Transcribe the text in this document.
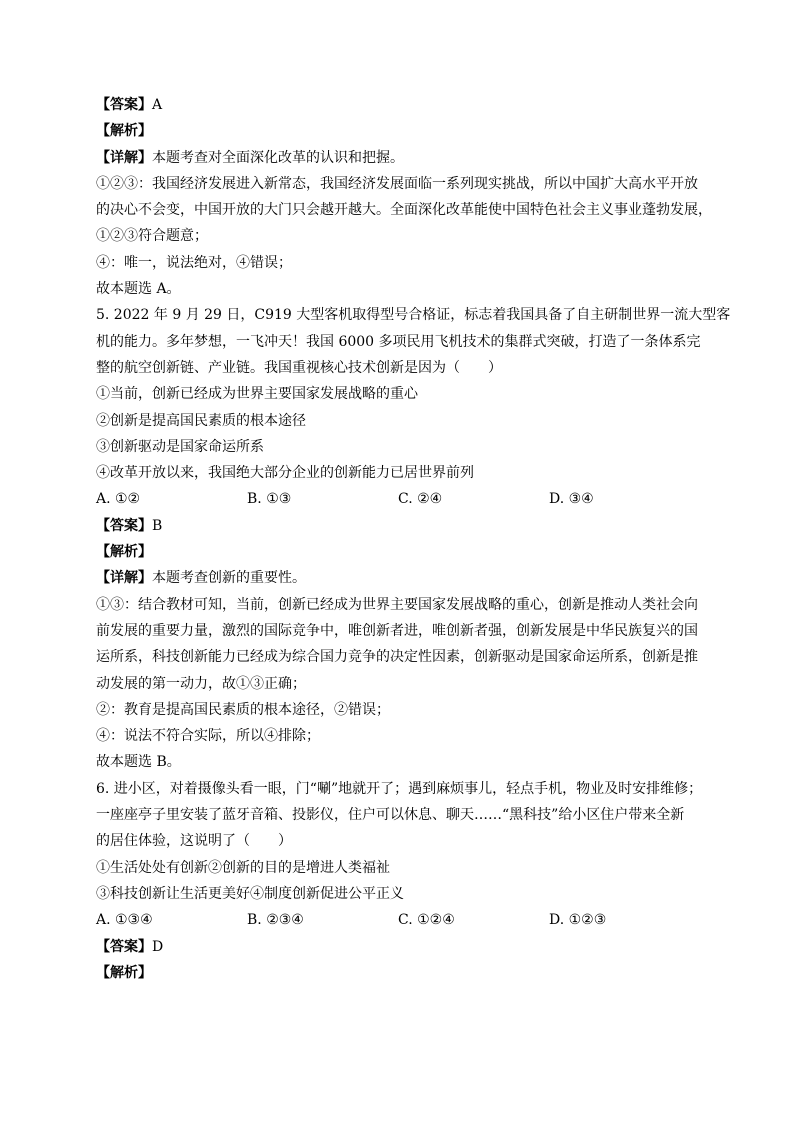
【答案】A
【解析】
【详解】本题考查对全面深化改革的认识和把握。
①②③：我国经济发展进入新常态，我国经济发展面临一系列现实挑战，所以中国扩大高水平开放
的决心不会变，中国开放的大门只会越开越大。全面深化改革能使中国特色社会主义事业蓬勃发展，
①②③符合题意；
④：唯一，说法绝对，④错误；
故本题选 A。
5. 2022 年 9 月 29 日，C919 大型客机取得型号合格证，标志着我国具备了自主研制世界一流大型客
机的能力。多年梦想，一飞冲天！我国 6000 多项民用飞机技术的集群式突破，打造了一条体系完
整的航空创新链、产业链。我国重视核心技术创新是因为（　　）
①当前，创新已经成为世界主要国家发展战略的重心
②创新是提高国民素质的根本途径
③创新驱动是国家命运所系
④改革开放以来，我国绝大部分企业的创新能力已居世界前列
A. ①②	B. ①③	C. ②④	D. ③④
【答案】B
【解析】
【详解】本题考查创新的重要性。
①③：结合教材可知，当前，创新已经成为世界主要国家发展战略的重心，创新是推动人类社会向
前发展的重要力量，激烈的国际竞争中，唯创新者进，唯创新者强，创新发展是中华民族复兴的国
运所系，科技创新能力已经成为综合国力竞争的决定性因素，创新驱动是国家命运所系，创新是推
动发展的第一动力，故①③正确；
②：教育是提高国民素质的根本途径，②错误；
④：说法不符合实际，所以④排除；
故本题选 B。
6. 进小区，对着摄像头看一眼，门“唰”地就开了；遇到麻烦事儿，轻点手机，物业及时安排维修；
一座座亭子里安装了蓝牙音箱、投影仪，住户可以休息、聊天……“黑科技”给小区住户带来全新
的居住体验，这说明了（　　）
①生活处处有创新②创新的目的是增进人类福祉
③科技创新让生活更美好④制度创新促进公平正义
A. ①③④	B. ②③④	C. ①②④	D. ①②③
【答案】D
【解析】
